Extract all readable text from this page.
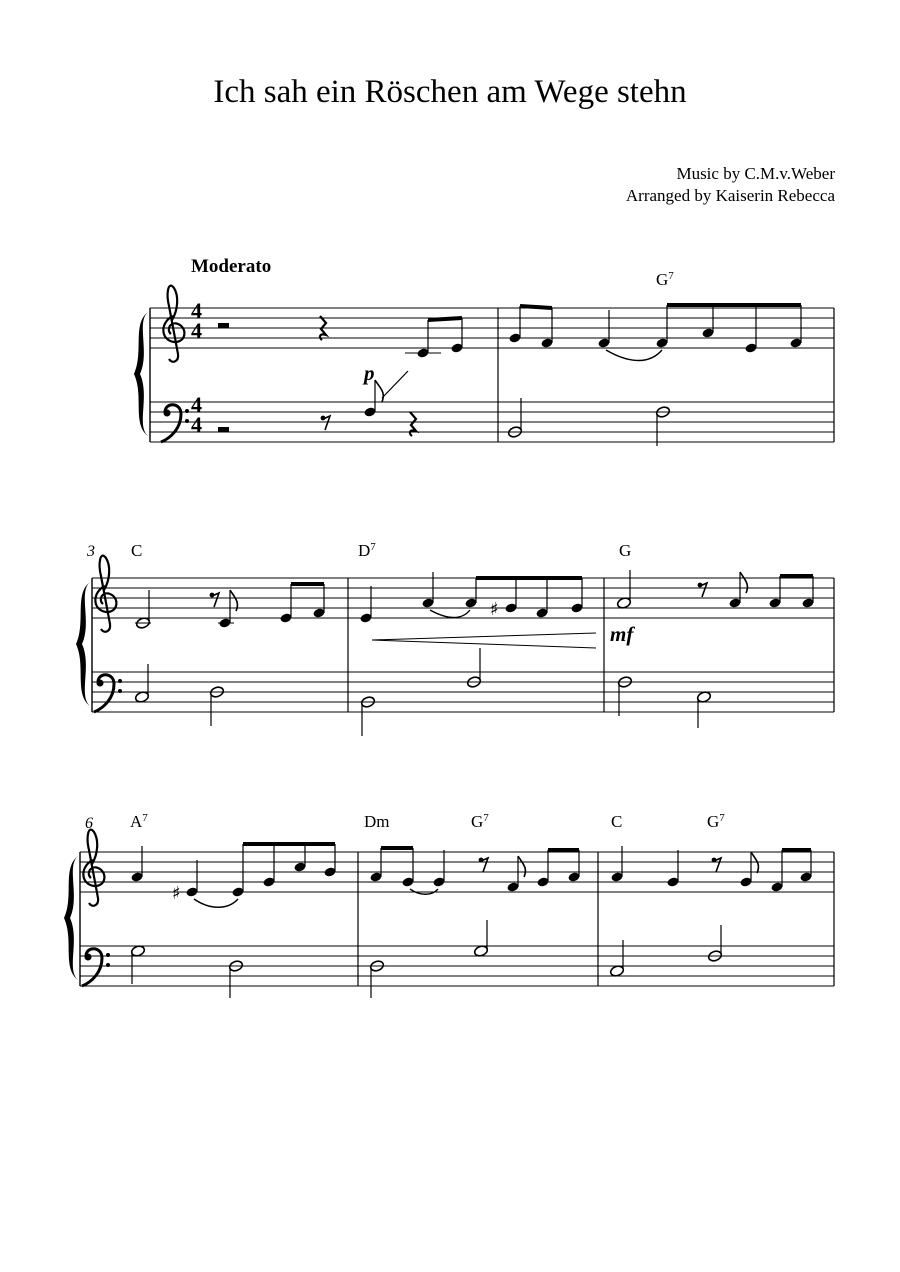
♯
♯
4
4
4
4
Ich sah ein Röschen am Wege stehn
Music by C.M.v.Weber
Arranged by Kaiserin Rebecca
Moderato
p
mf
3
6
$G^7$
C	$D^7$	G
$A^7$	Dm	$G^7$	C	$G^7$
